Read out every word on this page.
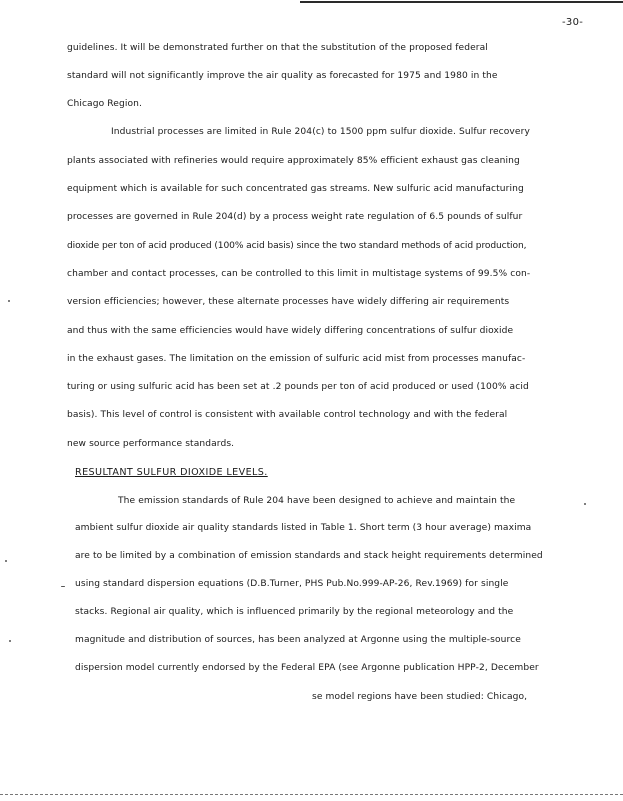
-30-
guidelines. It will be demonstrated further on that the substitution of the proposed federal
standard will not significantly improve the air quality as forecasted for 1975 and 1980 in the
Chicago Region.
Industrial processes are limited in Rule 204(c) to 1500 ppm sulfur dioxide. Sulfur recovery
plants associated with refineries would require approximately 85% efficient exhaust gas cleaning
equipment which is available for such concentrated gas streams. New sulfuric acid manufacturing
processes are governed in Rule 204(d) by a process weight rate regulation of 6.5 pounds of sulfur
dioxide per ton of acid produced (100% acid basis) since the two standard methods of acid production,
chamber and contact processes, can be controlled to this limit in multistage systems of 99.5% con-
version efficiencies; however, these alternate processes have widely differing air requirements
and thus with the same efficiencies would have widely differing concentrations of sulfur dioxide
in the exhaust gases. The limitation on the emission of sulfuric acid mist from processes manufac-
turing or using sulfuric acid has been set at .2 pounds per ton of acid produced or used (100% acid
basis). This level of control is consistent with available control technology and with the federal
new source performance standards.
RESULTANT SULFUR DIOXIDE LEVELS.
The emission standards of Rule 204 have been designed to achieve and maintain the
ambient sulfur dioxide air quality standards listed in Table 1. Short term (3 hour average) maxima
are to be limited by a combination of emission standards and stack height requirements determined
using standard dispersion equations (D.B.Turner, PHS Pub.No.999-AP-26, Rev.1969) for single
stacks. Regional air quality, which is influenced primarily by the regional meteorology and the
magnitude and distribution of sources, has been analyzed at Argonne using the multiple-source
dispersion model currently endorsed by the Federal EPA (see Argonne publication HPP-2, December
se model regions have been studied: Chicago,
